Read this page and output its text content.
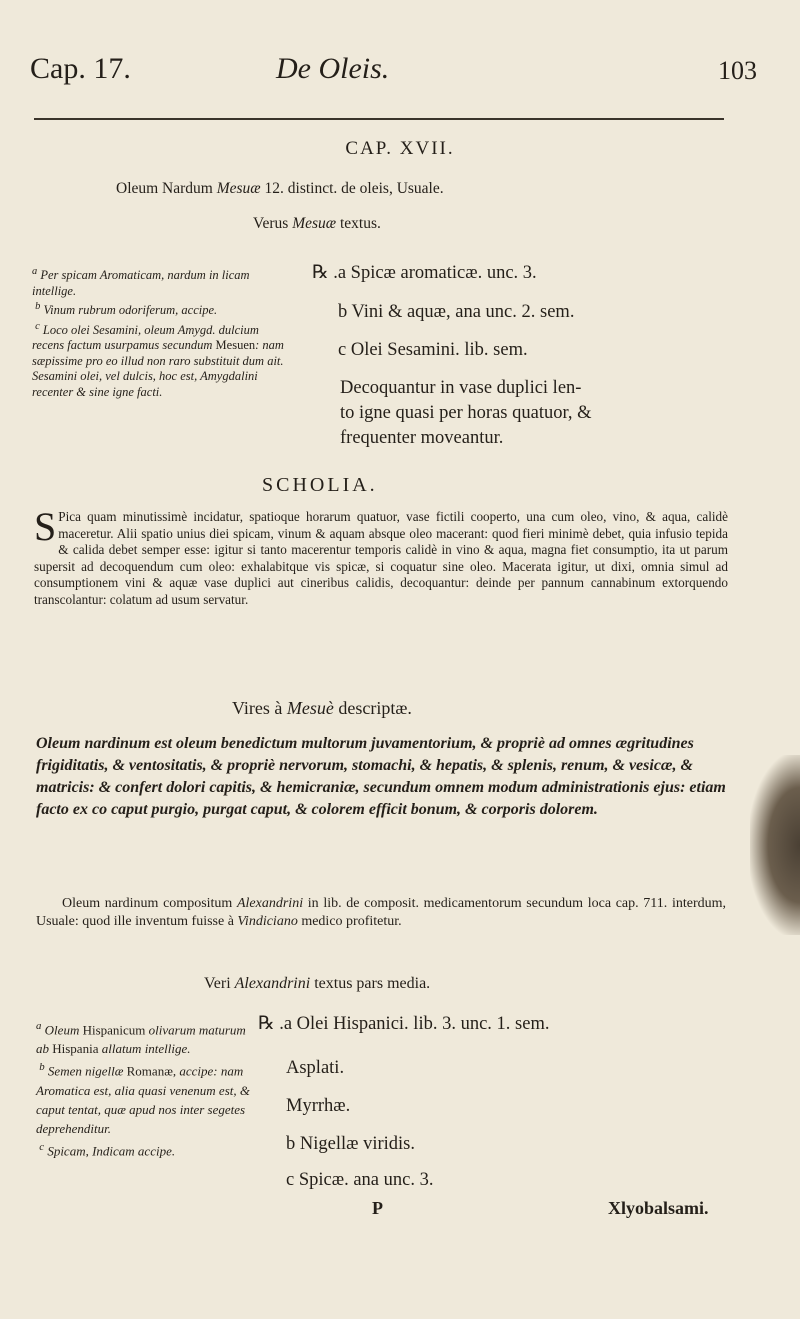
Cap. 17.	De Oleis.	103
CAP. XVII.
Oleum Nardum Mesuæ 12. distinct. de oleis, Usuale.
Verus Mesuæ textus.
$^a$ Per spicam Aromaticam, nardum in licam intellige.
$^b$ Vinum rubrum odoriferum, accipe.
$^c$ Loco olei Sesamini, oleum Amygd. dulcium recens factum usurpamus secundum Mesuen: nam sæpissime pro eo illud non raro substituit dum ait. Sesamini olei, vel dulcis, hoc est, Amygdalini recenter & sine igne facti.
℞ .a Spicæ aromaticæ. unc. 3.
b Vini & aquæ, ana unc. 2. sem.
c Olei Sesamini. lib. sem.
Decoquantur in vase duplici len-
to igne quasi per horas quatuor, &
frequenter moveantur.
SCHOLIA.
S Pica quam minutissimè incidatur, spatioque horarum quatuor, vase fictili cooperto, una cum oleo, vino, & aqua, calidè maceretur. Alii spatio unius diei spicam, vinum & aquam absque oleo macerant: quod fieri minimè debet, quia infusio tepida & calida debet semper esse: igitur si tanto macerentur temporis calidè in vino & aqua, magna fiet consumptio, ita ut parum supersit ad decoquendum cum oleo: exhalabitque vis spicæ, si coquatur sine oleo. Macerata igitur, ut dixi, omnia simul ad consumptionem vini & aquæ vase duplici aut cineribus calidis, decoquantur: deinde per pannum cannabinum extorquendo transcolantur: colatum ad usum servatur.
Vires à Mesuè descriptæ.
Oleum nardinum est oleum benedictum multorum juvamentorium, & propriè ad omnes ægritudines frigiditatis, & ventositatis, & propriè nervorum, stomachi, & hepatis, & splenis, renum, & vesicæ, & matricis: & confert dolori capitis, & hemicraniæ, secundum omnem modum administrationis ejus: etiam facto ex co caput purgio, purgat caput, & colorem efficit bonum, & corporis dolorem.
Oleum nardinum compositum Alexandrini in lib. de composit. medicamentorum secundum loca cap. 711. interdum, Usuale: quod ille inventum fuisse à Vindiciano medico profitetur.
Veri Alexandrini textus pars media.
$^a$ Oleum Hispanicum olivarum maturum ab Hispania allatum intellige.
$^b$ Semen nigellæ Romanæ, accipe: nam Aromatica est, alia quasi venenum est, & caput tentat, quæ apud nos inter segetes deprehenditur.
$^c$ Spicam, Indicam accipe.
℞ .a Olei Hispanici. lib. 3. unc. 1. sem.
Asplati.
Myrrhæ.
b Nigellæ viridis.
c Spicæ. ana unc. 3.
P	Xlyobalsami.
